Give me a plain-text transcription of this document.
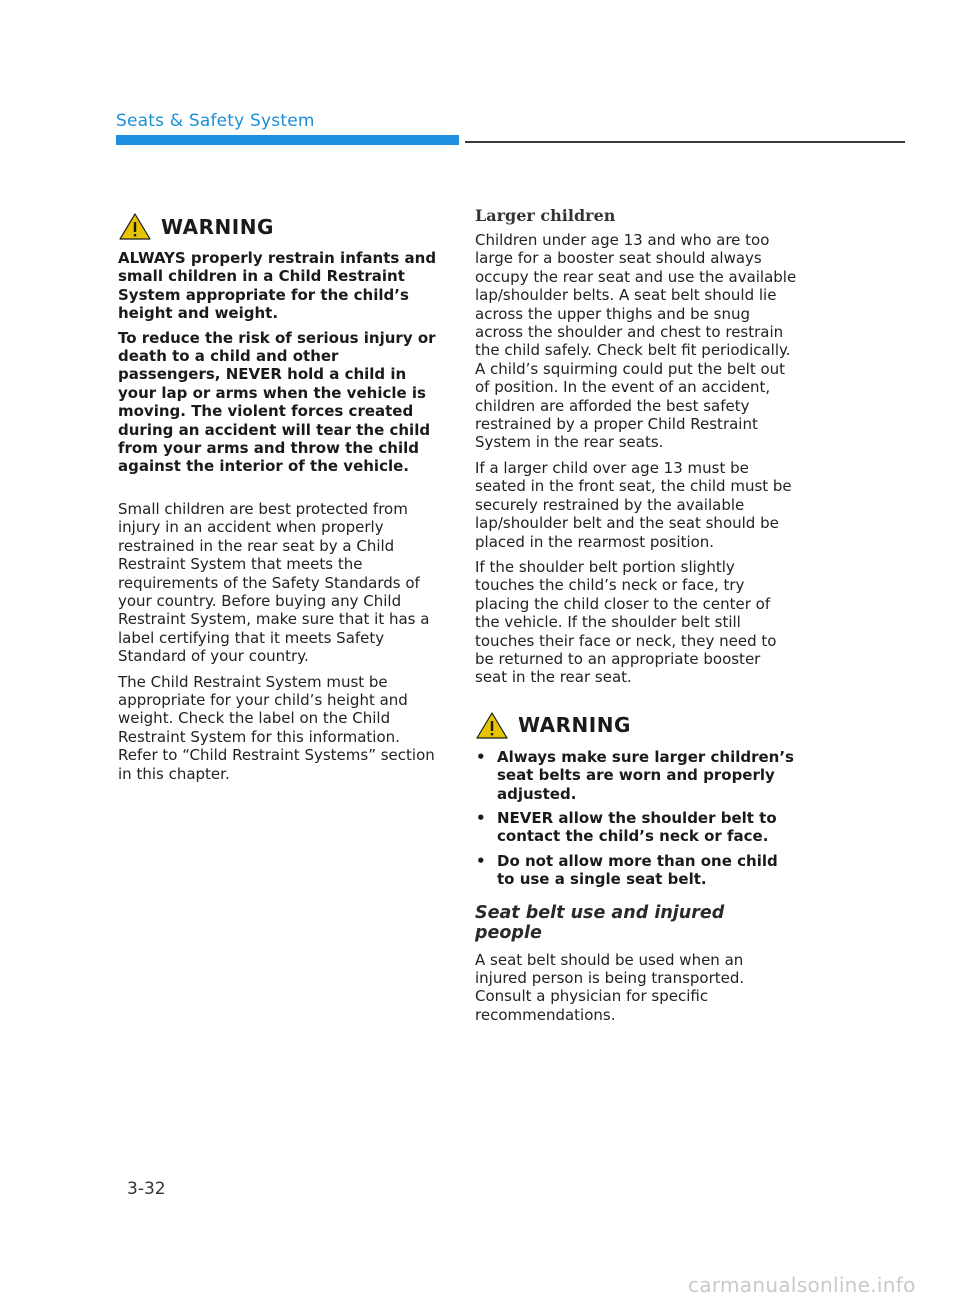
Seats & Safety System
WARNING

ALWAYS properly restrain infants and small children in a Child Restraint System appropriate for the child’s height and weight.

To reduce the risk of serious injury or death to a child and other passengers, NEVER hold a child in your lap or arms when the vehicle is moving. The violent forces created during an accident will tear the child from your arms and throw the child against the interior of the vehicle.

Small children are best protected from injury in an accident when properly restrained in the rear seat by a Child Restraint System that meets the requirements of the Safety Standards of your country. Before buying any Child Restraint System, make sure that it has a label certifying that it meets Safety Standard of your country.

The Child Restraint System must be appropriate for your child’s height and weight. Check the label on the Child Restraint System for this information. Refer to “Child Restraint Systems” section in this chapter.

Larger children

Children under age 13 and who are too large for a booster seat should always occupy the rear seat and use the available lap/shoulder belts. A seat belt should lie across the upper thighs and be snug across the shoulder and chest to restrain the child safely. Check belt fit periodically. A child’s squirming could put the belt out of position. In the event of an accident, children are afforded the best safety restrained by a proper Child Restraint System in the rear seats.

If a larger child over age 13 must be seated in the front seat, the child must be securely restrained by the available lap/shoulder belt and the seat should be placed in the rearmost position.

If the shoulder belt portion slightly touches the child’s neck or face, try placing the child closer to the center of the vehicle. If the shoulder belt still touches their face or neck, they need to be returned to an appropriate booster seat in the rear seat.

WARNING
• Always make sure larger children’s seat belts are worn and properly adjusted.
• NEVER allow the shoulder belt to contact the child’s neck or face.
• Do not allow more than one child to use a single seat belt.
Seat belt use and injured people

A seat belt should be used when an injured person is being transported. Consult a physician for specific recommendations.

3-32
carmanualsonline.info
